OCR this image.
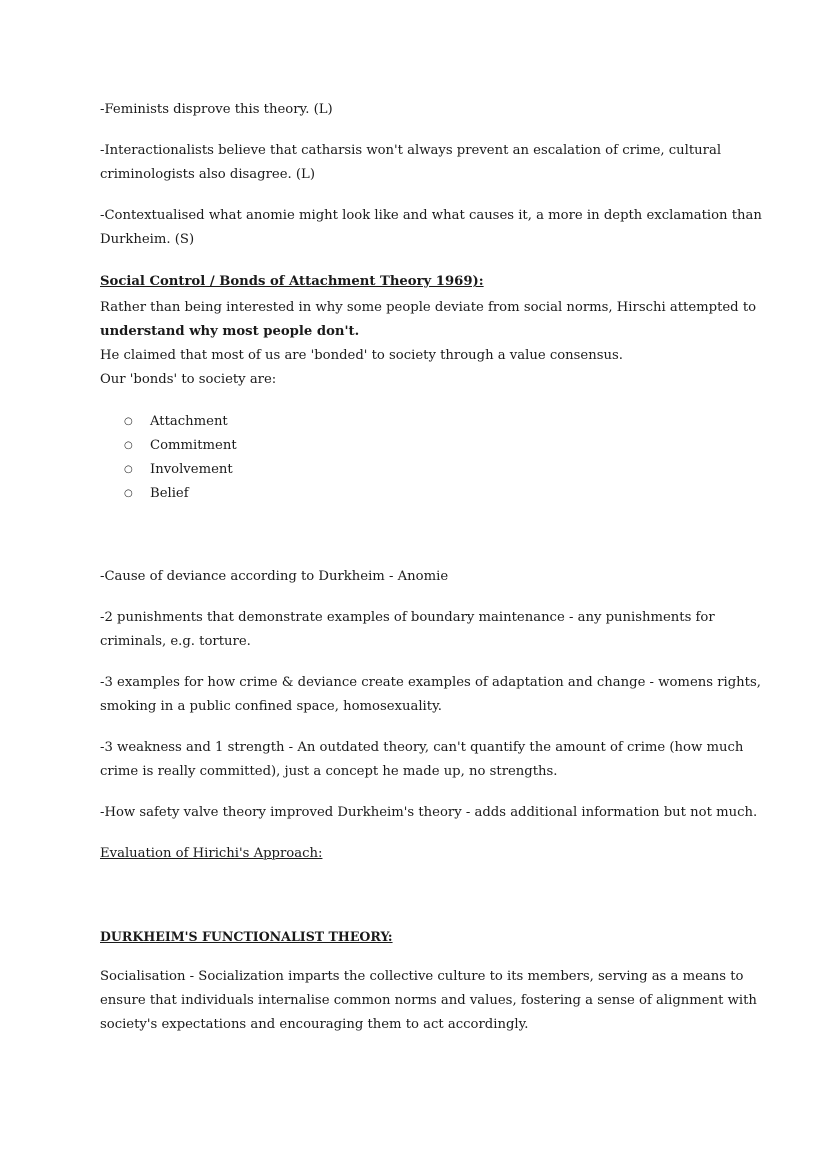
-Feminists disprove this theory. (L)
-Interactionalists believe that catharsis won't always prevent an escalation of crime, cultural
criminologists also disagree. (L)
-Contextualised what anomie might look like and what causes it, a more in depth exclamation than
Durkheim. (S)
Social Control / Bonds of Attachment Theory 1969):
Rather than being interested in why some people deviate from social norms, Hirschi attempted to
understand why most people don't.
He claimed that most of us are 'bonded' to society through a value consensus.
Our 'bonds' to society are:
○ Attachment
○ Commitment
○ Involvement
○ Belief
-Cause of deviance according to Durkheim - Anomie
-2 punishments that demonstrate examples of boundary maintenance - any punishments for
criminals, e.g. torture.
-3 examples for how crime & deviance create examples of adaptation and change - womens rights,
smoking in a public confined space, homosexuality.
-3 weakness and 1 strength - An outdated theory, can't quantify the amount of crime (how much
crime is really committed), just a concept he made up, no strengths.
-How safety valve theory improved Durkheim's theory - adds additional information but not much.
Evaluation of Hirichi's Approach:
DURKHEIM'S FUNCTIONALIST THEORY:
Socialisation - Socialization imparts the collective culture to its members, serving as a means to
ensure that individuals internalise common norms and values, fostering a sense of alignment with
society's expectations and encouraging them to act accordingly.
